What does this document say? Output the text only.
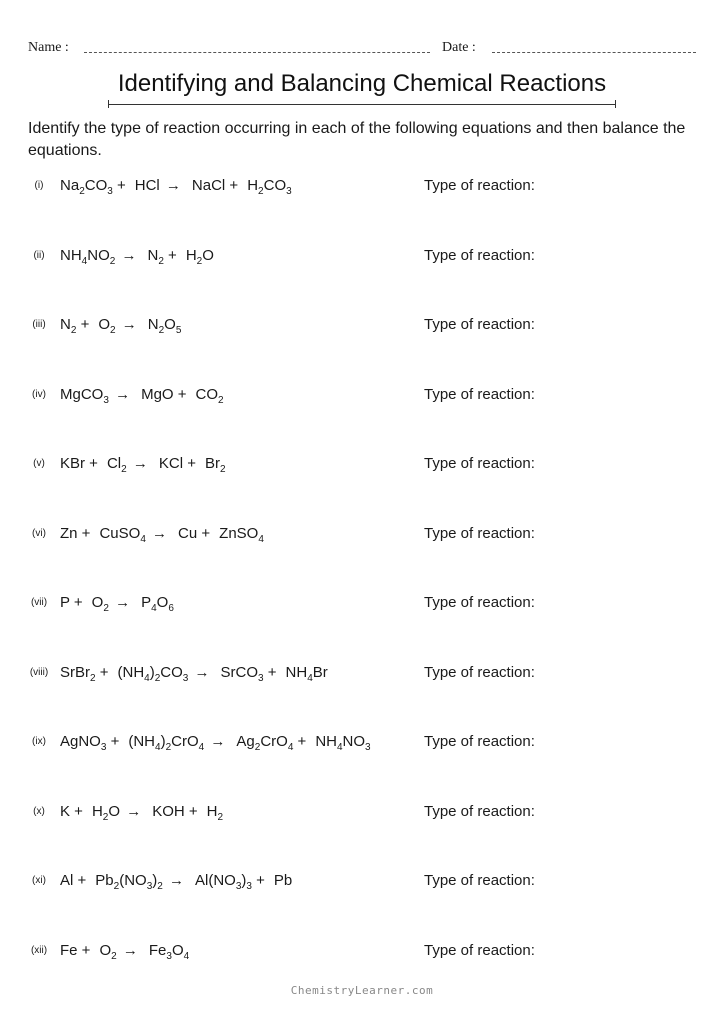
Name :	Date :
Identifying and Balancing Chemical Reactions
Identify the type of reaction occurring in each of the following equations and then balance the equations.
(i)	$Na_2CO_3$ + HCl → NaCl + $H_2CO_3$	Type of reaction:
(ii)	$NH_4NO_2 \to N_2 + H_2O$	Type of reaction:
(iii) $N_2 + O_2 \to N_2O_5$	Type of reaction:
(iv) MgCO$_3$ → MgO + $CO_2$	Type of reaction:
(v)	KBr + $Cl_2$ → KCl + $Br_2$	Type of reaction:
(vi) Zn + CuSO$_4$ → Cu + ZnSO$_4$	Type of reaction:
(vii) $P + O_2 \to P_4O_6$	Type of reaction:
(viii) SrBr$_2$ + $(NH_4)_2CO_3$ → SrCO$_3$ + $NH_4Br$	Type of reaction:
(ix) AgNO$_3$ + $(NH_4)_2CrO_4 \to Ag_2CrO_4 + NH_4NO_3$	Type of reaction:
(x)	$K + H_2O$ → KOH + $H_2$	Type of reaction:
(xi) $Al + Pb_2(NO_3)_2 \to Al(NO_3)_3 + Pb$	Type of reaction:
(xii) $Fe + O_2 \to Fe_3O_4$	Type of reaction:
ChemistryLearner.com
